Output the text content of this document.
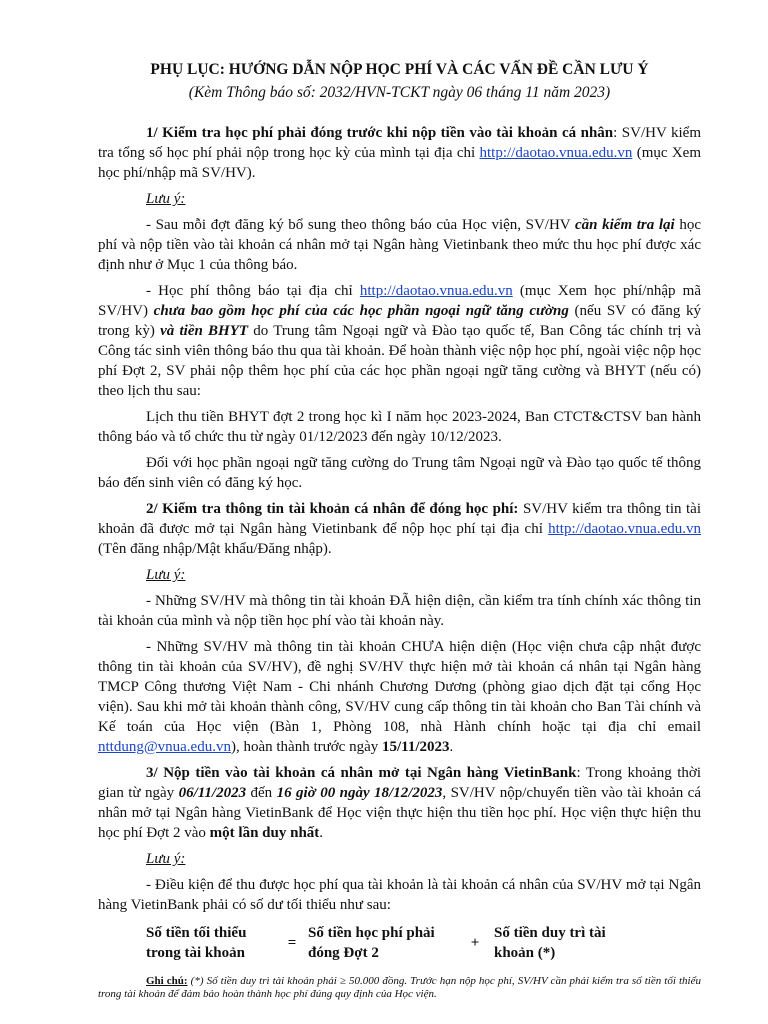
PHỤ LỤC: HƯỚNG DẪN NỘP HỌC PHÍ VÀ CÁC VẤN ĐỀ CẦN LƯU Ý
(Kèm Thông báo số: 2032/HVN-TCKT ngày 06 tháng 11 năm 2023)

1/ Kiểm tra học phí phải đóng trước khi nộp tiền vào tài khoản cá nhân: SV/HV kiểm tra tổng số học phí phải nộp trong học kỳ của mình tại địa chỉ http://daotao.vnua.edu.vn (mục Xem học phí/nhập mã SV/HV).

Lưu ý:

- Sau mỗi đợt đăng ký bổ sung theo thông báo của Học viện, SV/HV cần kiểm tra lại học phí và nộp tiền vào tài khoản cá nhân mở tại Ngân hàng Vietinbank theo mức thu học phí được xác định như ở Mục 1 của thông báo.

- Học phí thông báo tại địa chỉ http://daotao.vnua.edu.vn (mục Xem học phí/nhập mã SV/HV) chưa bao gồm học phí của các học phần ngoại ngữ tăng cường (nếu SV có đăng ký trong kỳ) và tiền BHYT do Trung tâm Ngoại ngữ và Đào tạo quốc tế, Ban Công tác chính trị và Công tác sinh viên thông báo thu qua tài khoản. Để hoàn thành việc nộp học phí, ngoài việc nộp học phí Đợt 2, SV phải nộp thêm học phí của các học phần ngoại ngữ tăng cường và BHYT (nếu có) theo lịch thu sau:

Lịch thu tiền BHYT đợt 2 trong học kì I năm học 2023-2024, Ban CTCT&CTSV ban hành thông báo và tổ chức thu từ ngày 01/12/2023 đến ngày 10/12/2023.

Đối với học phần ngoại ngữ tăng cường do Trung tâm Ngoại ngữ và Đào tạo quốc tế thông báo đến sinh viên có đăng ký học.

2/ Kiểm tra thông tin tài khoản cá nhân để đóng học phí: SV/HV kiểm tra thông tin tài khoản đã được mở tại Ngân hàng Vietinbank để nộp học phí tại địa chỉ http://daotao.vnua.edu.vn (Tên đăng nhập/Mật khẩu/Đăng nhập).

Lưu ý:

- Những SV/HV mà thông tin tài khoản ĐÃ hiện diện, cần kiểm tra tính chính xác thông tin tài khoản của mình và nộp tiền học phí vào tài khoản này.

- Những SV/HV mà thông tin tài khoản CHƯA hiện diện (Học viện chưa cập nhật được thông tin tài khoản của SV/HV), đề nghị SV/HV thực hiện mở tài khoản cá nhân tại Ngân hàng TMCP Công thương Việt Nam - Chi nhánh Chương Dương (phòng giao dịch đặt tại cổng Học viện). Sau khi mở tài khoản thành công, SV/HV cung cấp thông tin tài khoản cho Ban Tài chính và Kế toán của Học viện (Bàn 1, Phòng 108, nhà Hành chính hoặc tại địa chỉ email nttdung@vnua.edu.vn), hoàn thành trước ngày 15/11/2023.

3/ Nộp tiền vào tài khoản cá nhân mở tại Ngân hàng VietinBank: Trong khoảng thời gian từ ngày 06/11/2023 đến 16 giờ 00 ngày 18/12/2023, SV/HV nộp/chuyển tiền vào tài khoản cá nhân mở tại Ngân hàng VietinBank để Học viện thực hiện thu tiền học phí. Học viện thực hiện thu học phí Đợt 2 vào một lần duy nhất.

Lưu ý:

- Điều kiện để thu được học phí qua tài khoản là tài khoản cá nhân của SV/HV mở tại Ngân hàng VietinBank phải có số dư tối thiểu như sau:

Số tiền tối thiểu trong tài khoản
=
Số tiền học phí phải đóng Đợt 2
+
Số tiền duy trì tài khoản (*)

Ghi chú: (*) Số tiền duy trì tài khoản phải ≥ 50.000 đồng. Trước hạn nộp học phí, SV/HV cần phải kiểm tra số tiền tối thiểu trong tài khoản để đảm bảo hoàn thành học phí đúng quy định của Học viện.
